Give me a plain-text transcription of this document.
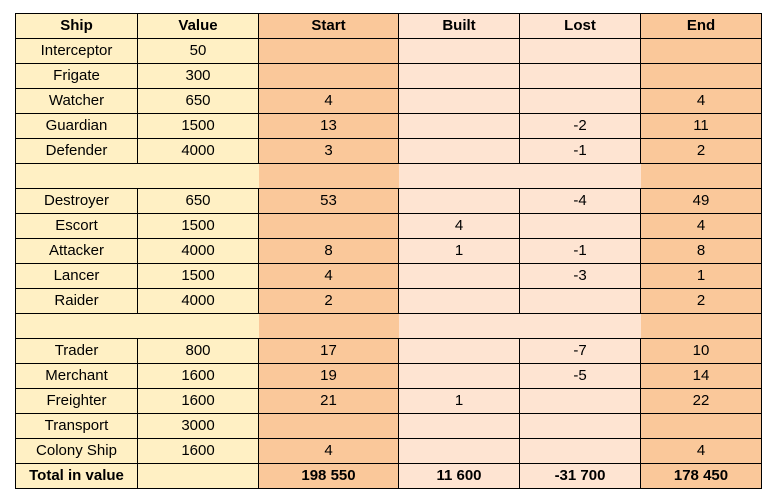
Ship	Value	Start	Built	Lost	End
Interceptor	50				
Frigate	300				
Watcher	650	4			4
Guardian	1500	13		-2	11
Defender	4000	3		-1	2

Destroyer	650	53		-4	49
Escort	1500		4		4
Attacker	4000	8	1	-1	8
Lancer	1500	4		-3	1
Raider	4000	2			2

Trader	800	17		-7	10
Merchant	1600	19		-5	14
Freighter	1600	21	1		22
Transport	3000				
Colony Ship	1600	4			4
Total in value		198 550	11 600	-31 700	178 450
